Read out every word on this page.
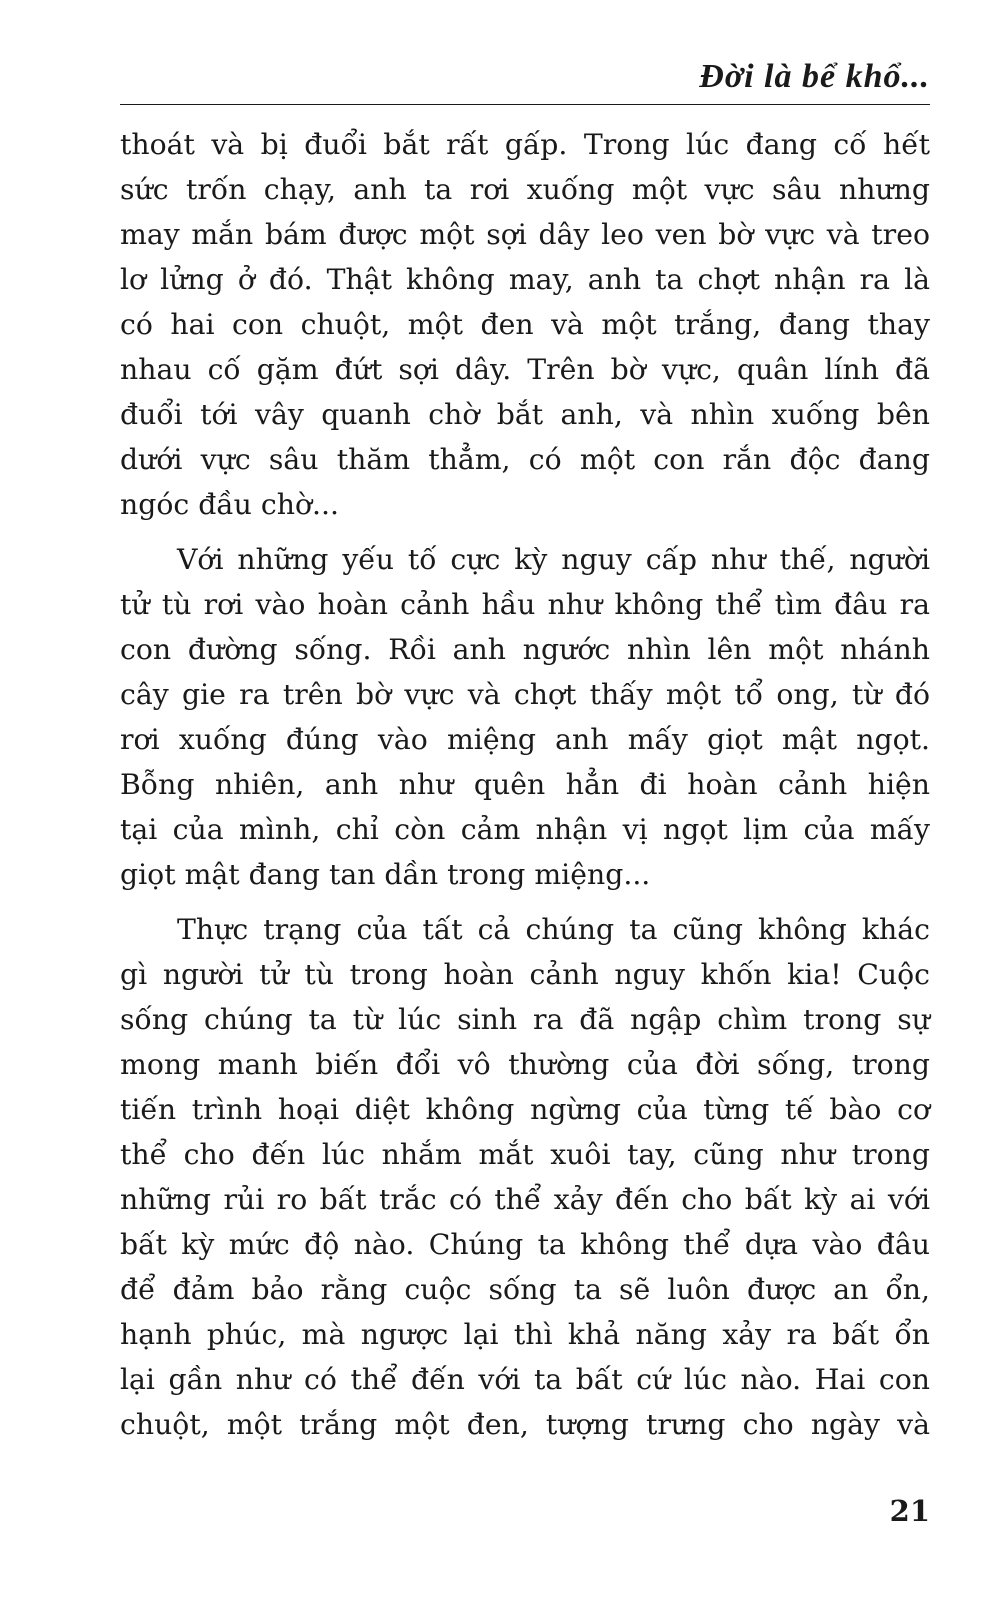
Đời là bể khổ...
thoát và bị đuổi bắt rất gấp. Trong lúc đang cố hết
sức trốn chạy, anh ta rơi xuống một vực sâu nhưng
may mắn bám được một sợi dây leo ven bờ vực và treo
lơ lửng ở đó. Thật không may, anh ta chợt nhận ra là
có hai con chuột, một đen và một trắng, đang thay
nhau cố gặm đứt sợi dây. Trên bờ vực, quân lính đã
đuổi tới vây quanh chờ bắt anh, và nhìn xuống bên
dưới vực sâu thăm thẳm, có một con rắn độc đang
ngóc đầu chờ...
Với những yếu tố cực kỳ nguy cấp như thế, người
tử tù rơi vào hoàn cảnh hầu như không thể tìm đâu ra
con đường sống. Rồi anh ngước nhìn lên một nhánh
cây gie ra trên bờ vực và chợt thấy một tổ ong, từ đó
rơi xuống đúng vào miệng anh mấy giọt mật ngọt.
Bỗng nhiên, anh như quên hẳn đi hoàn cảnh hiện
tại của mình, chỉ còn cảm nhận vị ngọt lịm của mấy
giọt mật đang tan dần trong miệng...
Thực trạng của tất cả chúng ta cũng không khác
gì người tử tù trong hoàn cảnh nguy khốn kia! Cuộc
sống chúng ta từ lúc sinh ra đã ngập chìm trong sự
mong manh biến đổi vô thường của đời sống, trong
tiến trình hoại diệt không ngừng của từng tế bào cơ
thể cho đến lúc nhắm mắt xuôi tay, cũng như trong
những rủi ro bất trắc có thể xảy đến cho bất kỳ ai với
bất kỳ mức độ nào. Chúng ta không thể dựa vào đâu
để đảm bảo rằng cuộc sống ta sẽ luôn được an ổn,
hạnh phúc, mà ngược lại thì khả năng xảy ra bất ổn
lại gần như có thể đến với ta bất cứ lúc nào. Hai con
chuột, một trắng một đen, tượng trưng cho ngày và
21
